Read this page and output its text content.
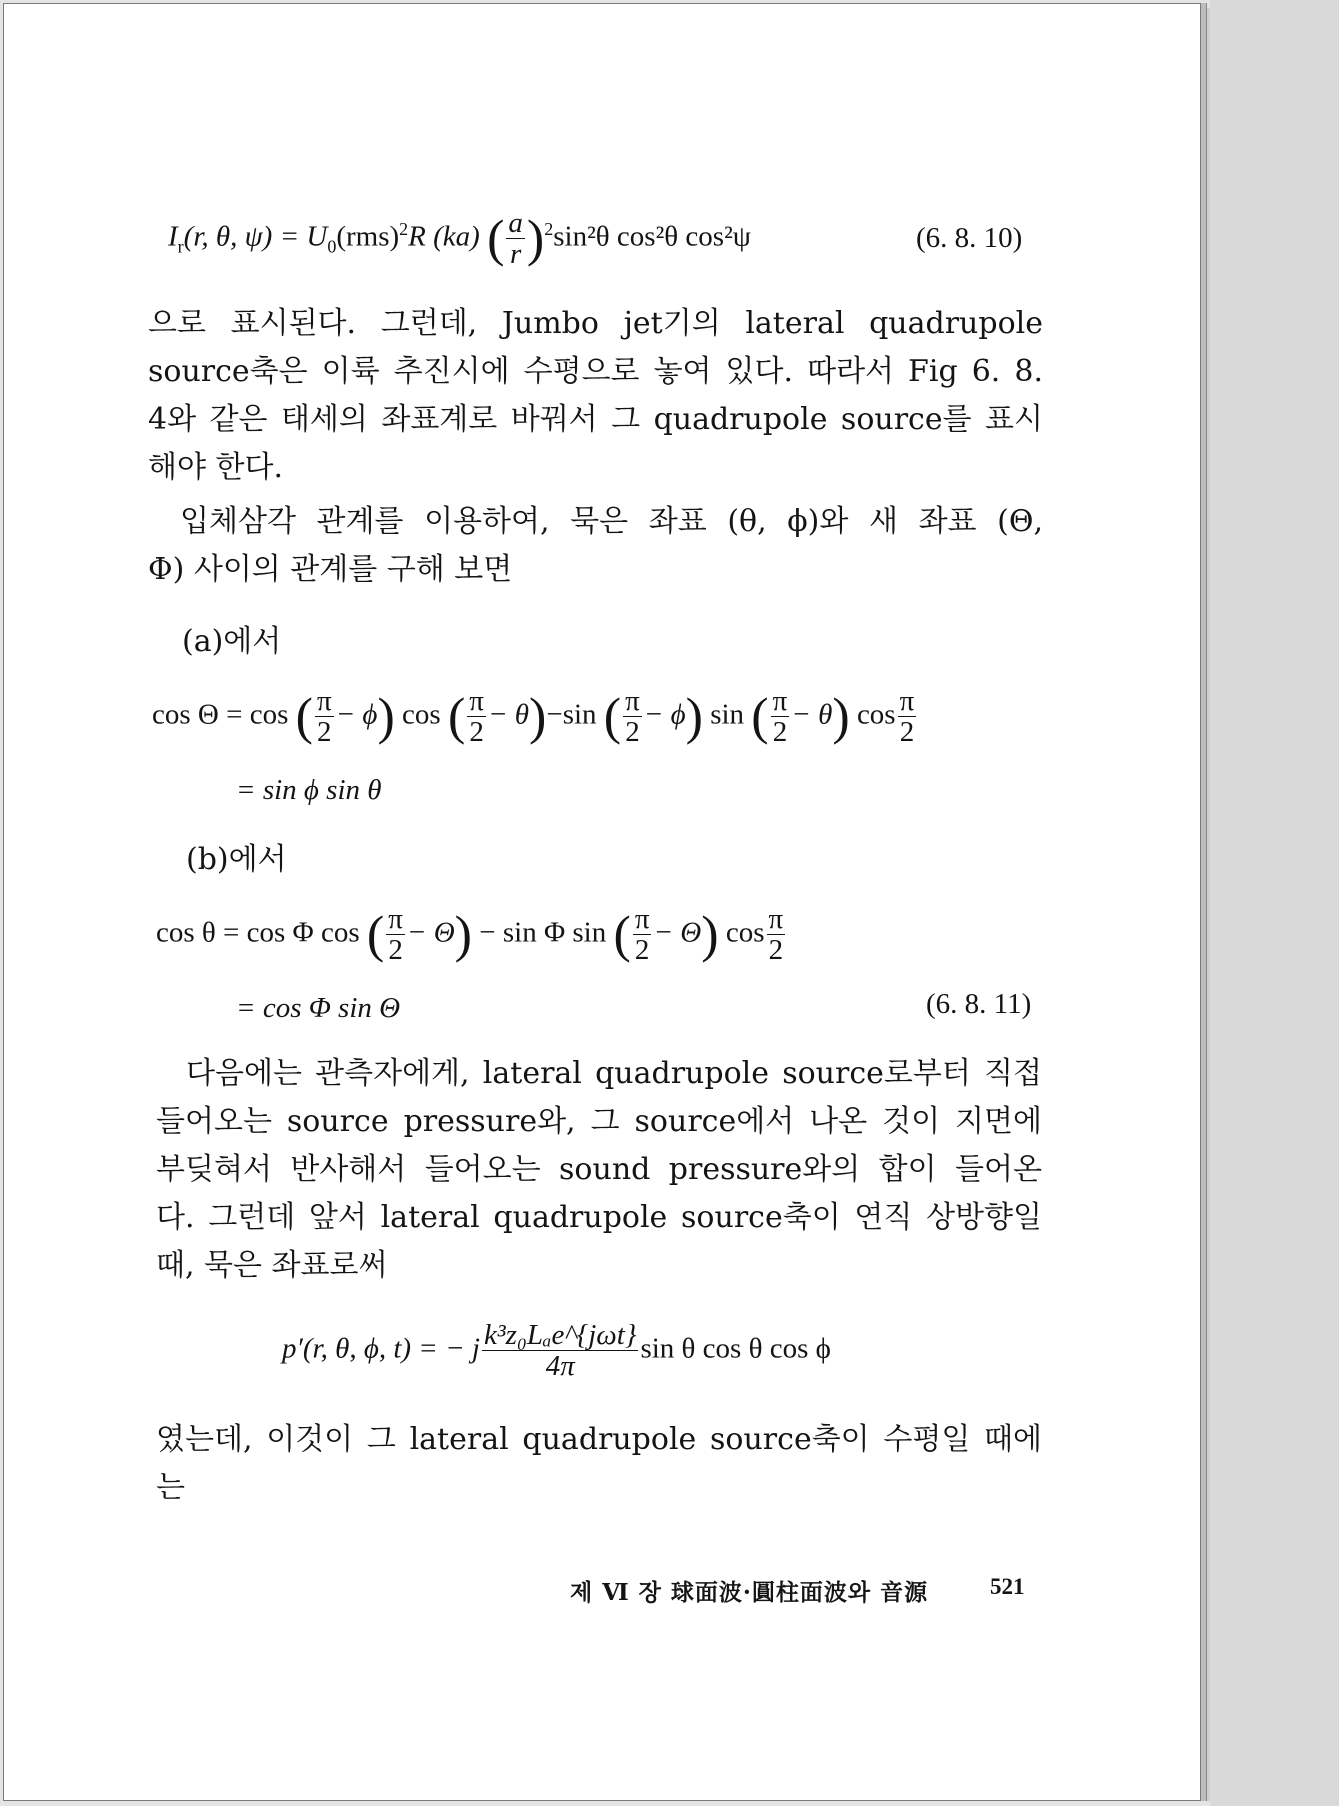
$I_r(r$, θ, $\psi) = U_0(rms)^2R$ (ka) ( $\frac{a}{r} )^2\sin^2\theta$ cos²θ cos²ψ	(6. 8. 10)
으로 표시된다. 그런데, Jumbo jet기의 lateral quadrupole
source축은 이륙 추진시에 수평으로 놓여 있다. 따라서 Fig 6. 8.
4와 같은 태세의 좌표계로 바꿔서 그 quadrupole source를 표시
해야 한다.
입체삼각 관계를 이용하여, 묵은 좌표 (θ, ϕ)와 새 좌표 (Θ,
Φ) 사이의 관계를 구해 보면
(a)에서
cos Θ = cos ( $\frac{\pi}{2} - \phi$) cos ( $\frac{\pi}{2} - \theta)-\sin$ ( $\frac{\pi}{2} - \phi$) sin ( $\frac{\pi}{2} - \theta$) $\cos \frac{\pi}{2}$
= sin ϕ sin θ
(b)에서
cos θ = cos Φ cos ( $\frac{\pi}{2} - \Theta) - \sin \Phi$ sin ( $\frac{\pi}{2} - \Theta$) $\cos \frac{\pi}{2}$
= cos Φ sin Θ	(6. 8. 11)
다음에는 관측자에게, lateral quadrupole source로부터 직접
들어오는 source pressure와, 그 source에서 나온 것이 지면에
부딪혀서 반사해서 들어오는 sound pressure와의 합이 들어온
다. 그런데 앞서 lateral quadrupole source축이 연직 상방향일
때, 묵은 좌표로써
p′(r, θ, ϕ, t) = − j $\frac{\text{k³z₀Lₐe\textasciicircum{}\{jωt\}}}{4\pi}$ sin θ cos θ cos ϕ
였는데, 이것이 그 lateral quadrupole source축이 수평일 때에
는
제 Ⅵ 장 球面波·圓柱面波와 音源	521
